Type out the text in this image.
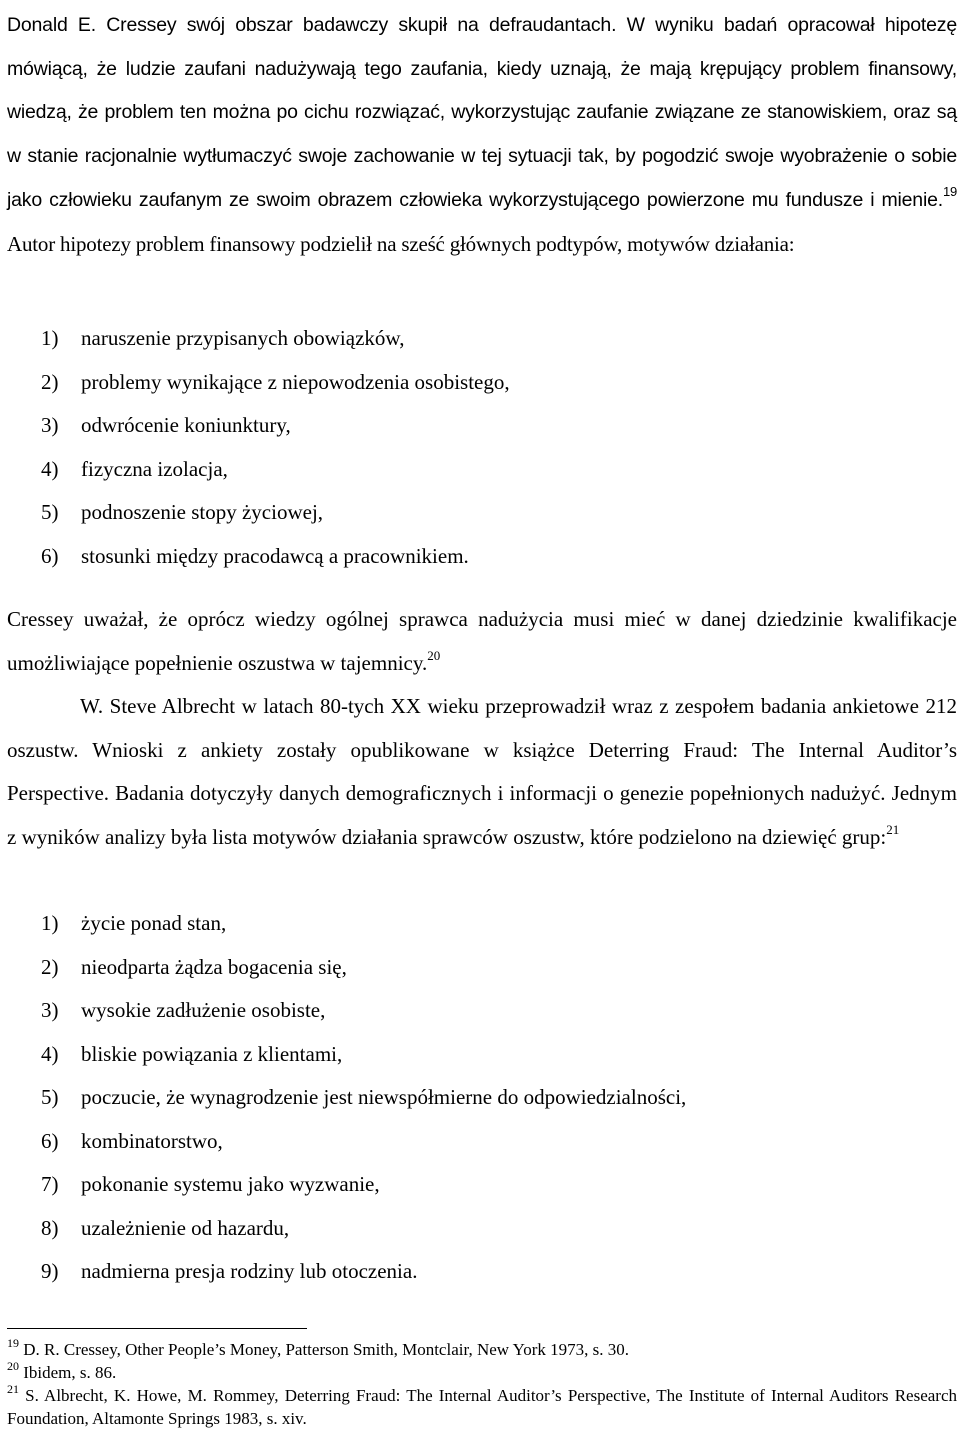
Donald E. Cressey swój obszar badawczy skupił na defraudantach. W wyniku badań opracował hipotezę mówiącą, że ludzie zaufani nadużywają tego zaufania, kiedy uznają, że mają krępujący problem finansowy, wiedzą, że problem ten można po cichu rozwiązać, wykorzystując zaufanie związane ze stanowiskiem, oraz są w stanie racjonalnie wytłumaczyć swoje zachowanie w tej sytuacji tak, by pogodzić swoje wyobrażenie o sobie jako człowieku zaufanym ze swoim obrazem człowieka wykorzystującego powierzone mu fundusze i mienie.$^{19}$ Autor hipotezy problem finansowy podzielił na sześć głównych podtypów, motywów działania:

1) naruszenie przypisanych obowiązków,
2) problemy wynikające z niepowodzenia osobistego,
3) odwrócenie koniunktury,
4) fizyczna izolacja,
5) podnoszenie stopy życiowej,
6) stosunki między pracodawcą a pracownikiem.

Cressey uważał, że oprócz wiedzy ogólnej sprawca nadużycia musi mieć w danej dziedzinie kwalifikacje umożliwiające popełnienie oszustwa w tajemnicy.$^{20}$

W. Steve Albrecht w latach 80-tych XX wieku przeprowadził wraz z zespołem badania ankietowe 212 oszustw. Wnioski z ankiety zostały opublikowane w książce Deterring Fraud: The Internal Auditor’s Perspective. Badania dotyczyły danych demograficznych i informacji o genezie popełnionych nadużyć. Jednym z wyników analizy była lista motywów działania sprawców oszustw, które podzielono na dziewięć grup:$^{21}$

1) życie ponad stan,
2) nieodparta żądza bogacenia się,
3) wysokie zadłużenie osobiste,
4) bliskie powiązania z klientami,
5) poczucie, że wynagrodzenie jest niewspółmierne do odpowiedzialności,
6) kombinatorstwo,
7) pokonanie systemu jako wyzwanie,
8) uzależnienie od hazardu,
9) nadmierna presja rodziny lub otoczenia.

$^{19}$ D. R. Cressey, Other People’s Money, Patterson Smith, Montclair, New York 1973, s. 30.

$^{20}$ Ibidem, s. 86.

$^{21}$ S. Albrecht, K. Howe, M. Rommey, Deterring Fraud: The Internal Auditor’s Perspective, The Institute of Internal Auditors Research Foundation, Altamonte Springs 1983, s. xiv.
